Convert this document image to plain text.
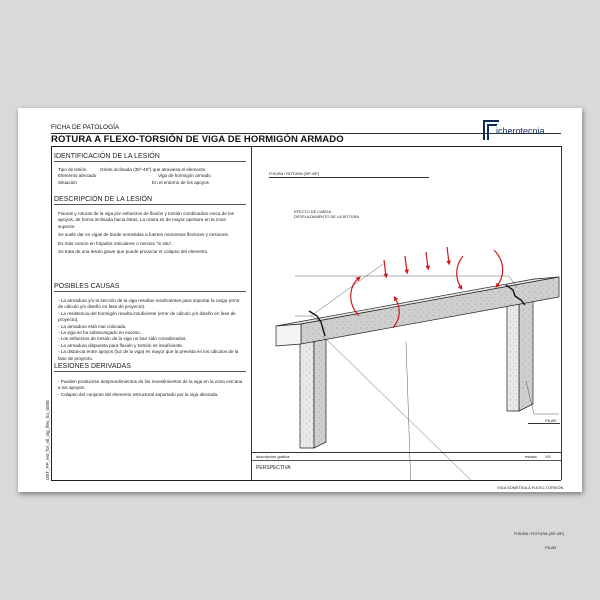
FICHA DE PATOLOGÍA
ROTURA A FLEXO-TORSIÓN DE VIGA DE HORMIGÓN ARMADO
icherotecnia
IDENTIFICACIÓN DE LA LESIÓN
Tipo de lesión	Grieta inclinada (35º-45º) que atraviesa el elemento
Elemento afectado	Viga de hormigón armado
Situación	En el entorno de los apoyos
DESCRIPCIÓN DE LA LESIÓN

Fisuras y roturas de la viga por esfuerzos de flexión y torsión combinados cerca de los apoyos, de forma inclinada hacia éstos. La rotura es de mayor apertura en la zona superior.

Se suele dar en vigas de borde sometidas a fuertes momentos flectores y torsiones.

Es más común en forjados reticulares o nervios "in situ".

Se trata de una lesión grave que puede provocar el colapso del elemento.

POSIBLES CAUSAS
- La armadura y/o la sección de la viga resultan insuficientes para soportar la carga (error de cálculo y/o diseño en fase de proyecto).
- La resistencia del hormigón resulta insuficiente (error de cálculo y/o diseño en fase de proyecto).
- La armadura está mal colocada.
- La viga se ha sobrecargado en exceso.
- Los esfuerzos de torsión de la viga no han sido considerados.
- La armadura dispuesta para flexión y torsión es insuficiente.
- La distancia entre apoyos (luz de la viga) es mayor que la prevista en los cálculos de la fase de proyecto.
LESIONES DERIVADAS
- Pueden producirse desprendimientos de los revestimientos de la viga en la zona cercana a los apoyos.
- Colapso del conjunto del elemento estructural soportado por la viga afectada.
DET_FP_est_for_vll_vig_flex_ho_0008
FISURA / ROTURA (35º-45º)
EFECTO DE CARGA
DESPLAZAMIENTO DE LA ROTURA
PILAR
VIGA SOMETIDA A FLEXO-TORSIÓN
FISURA / ROTURA (35º-45º)
PILAR
descripción gráfica	escala 1/5
PERSPECTIVA
